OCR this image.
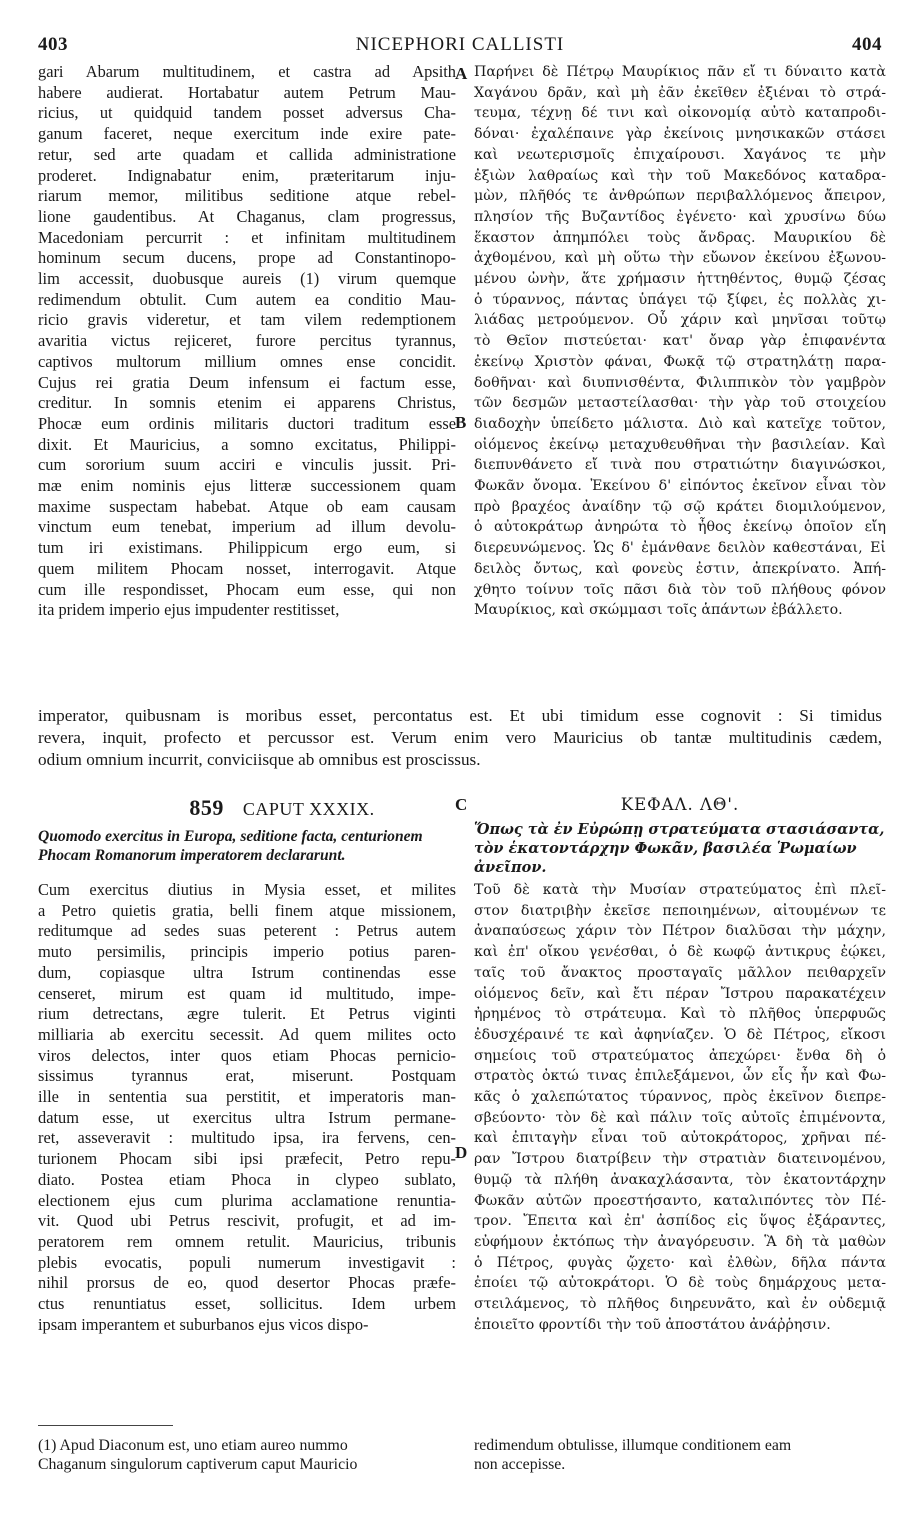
403	NICEPHORI CALLISTI	404
A
B
C
D
gari Abarum multitudinem, et castra ad Apsith
habere audierat. Hortabatur autem Petrum Mau-
ricius, ut quidquid tandem posset adversus Cha-
ganum faceret, neque exercitum inde exire pate-
retur, sed arte quadam et callida administratione
proderet. Indignabatur enim, præteritarum inju-
riarum memor, militibus seditione atque rebel-
lione gaudentibus. At Chaganus, clam progressus,
Macedoniam percurrit : et infinitam multitudinem
hominum secum ducens, prope ad Constantinopo-
lim accessit, duobusque aureis (1) virum quemque
redimendum obtulit. Cum autem ea conditio Mau-
ricio gravis videretur, et tam vilem redemptionem
avaritia victus rejiceret, furore percitus tyrannus,
captivos multorum millium omnes ense concidit.
Cujus rei gratia Deum infensum ei factum esse,
creditur. In somnis etenim ei apparens Christus,
Phocæ eum ordinis militaris ductori traditum esse
dixit. Et Mauricius, a somno excitatus, Philippi-
cum sororium suum acciri e vinculis jussit. Pri-
mæ enim nominis ejus litteræ successionem quam
maxime suspectam habebat. Atque ob eam causam
vinctum eum tenebat, imperium ad illum devolu-
tum iri existimans. Philippicum ergo eum, si
quem militem Phocam nosset, interrogavit. Atque
cum ille respondisset, Phocam eum esse, qui non
ita pridem imperio ejus impudenter restitisset,
Παρήνει δὲ Πέτρῳ Μαυρίκιος πᾶν εἴ τι δύναιτο κατὰ
Χαγάνου δρᾶν, καὶ μὴ ἐᾶν ἐκεῖθεν ἐξιέναι τὸ στρά-
τευμα, τέχνῃ δέ τινι καὶ οἰκονομίᾳ αὐτὸ καταπροδι-
δόναι· ἐχαλέπαινε γὰρ ἐκείνοις μνησικακῶν στάσει
καὶ νεωτερισμοῖς ἐπιχαίρουσι. Χαγάνος τε μὴν
ἐξιὼν λαθραίως καὶ τὴν τοῦ Μακεδόνος καταδρα-
μὼν, πλῆθός τε ἀνθρώπων περιβαλλόμενος ἄπειρον,
πλησίον τῆς Βυζαντίδος ἐγένετο· καὶ χρυσίνω δύω
ἕκαστον ἀπημπόλει τοὺς ἄνδρας. Μαυρικίου δὲ
ἀχθομένου, καὶ μὴ οὕτω τὴν εὔωνον ἐκείνου ἐξωνου-
μένου ὠνὴν, ἅτε χρήμασιν ἡττηθέντος, θυμῷ ζέσας
ὁ τύραννος, πάντας ὑπάγει τῷ ξίφει, ἐς πολλὰς χι-
λιάδας μετρούμενον. Οὗ χάριν καὶ μηνῖσαι τοῦτῳ
τὸ Θεῖον πιστεύεται· κατ' ὄναρ γὰρ ἐπιφανέντα
ἐκείνῳ Χριστὸν φάναι, Φωκᾷ τῷ στρατηλάτῃ παρα-
δοθῆναι· καὶ διυπνισθέντα, Φιλιππικὸν τὸν γαμβρὸν
τῶν δεσμῶν μεταστείλασθαι· τὴν γὰρ τοῦ στοιχείου
διαδοχὴν ὑπείδετο μάλιστα. Διὸ καὶ κατεῖχε τοῦτον,
οἰόμενος ἐκείνῳ μεταχυθευθῆναι τὴν βασιλείαν. Καὶ
διεπυνθάνετο εἴ τινὰ που στρατιώτην διαγινώσκοι,
Φωκᾶν ὄνομα. Ἐκείνου δ' εἰπόντος ἐκεῖνον εἶναι τὸν
πρὸ βραχέος ἀναίδην τῷ σῷ κράτει διομιλούμενον,
ὁ αὐτοκράτωρ ἀνηρώτα τὸ ἦθος ἐκείνῳ ὁποῖον εἴη
διερευνώμενος. Ὡς δ' ἐμάνθανε δειλὸν καθεστάναι, Εἰ
δειλὸς ὄντως, καὶ φονεὺς ἐστιν, ἀπεκρίνατο. Ἀπή-
χθητο τοίνυν τοῖς πᾶσι διὰ τὸν τοῦ πλήθους φόνον
Μαυρίκιος, καὶ σκώμμασι τοῖς ἁπάντων ἐβάλλετο.
imperator, quibusnam is moribus esset, percontatus est. Et ubi timidum esse cognovit : Si timidus
revera, inquit, profecto et percussor est. Verum enim vero Mauricius ob tantæ multitudinis cædem,
odium omnium incurrit, conviciisque ab omnibus est proscissus.
859 CAPUT XXXIX.
Quomodo exercitus in Europa, seditione facta, centurionem Phocam Romanorum imperatorem declararunt.
ΚΕΦΑΛ. ΛΘ'.
Ὅπως τὰ ἐν Εὐρώπῃ στρατεύματα στασιάσαντα, τὸν ἑκατοντάρχην Φωκᾶν, βασιλέα Ῥωμαίων ἀνεῖπον.
Cum exercitus diutius in Mysia esset, et milites
a Petro quietis gratia, belli finem atque missionem,
reditumque ad sedes suas peterent : Petrus autem
muto persimilis, principis imperio potius paren-
dum, copiasque ultra Istrum continendas esse
censeret, mirum est quam id multitudo, impe-
rium detrectans, ægre tulerit. Et Petrus viginti
milliaria ab exercitu secessit. Ad quem milites octo
viros delectos, inter quos etiam Phocas pernicio-
sissimus tyrannus erat, miserunt. Postquam
ille in sententia sua perstitit, et imperatoris man-
datum esse, ut exercitus ultra Istrum permane-
ret, asseveravit : multitudo ipsa, ira fervens, cen-
turionem Phocam sibi ipsi præfecit, Petro repu-
diato. Postea etiam Phoca in clypeo sublato,
electionem ejus cum plurima acclamatione renuntia-
vit. Quod ubi Petrus rescivit, profugit, et ad im-
peratorem rem omnem retulit. Mauricius, tribunis
plebis evocatis, populi numerum investigavit :
nihil prorsus de eo, quod desertor Phocas præfe-
ctus renuntiatus esset, sollicitus. Idem urbem
ipsam imperantem et suburbanos ejus vicos dispo-
Τοῦ δὲ κατὰ τὴν Μυσίαν στρατεύματος ἐπὶ πλεῖ-
στον διατριβὴν ἐκεῖσε πεποιημένων, αἰτουμένων τε
ἀναπαύσεως χάριν τὸν Πέτρον διαλῦσαι τὴν μάχην,
καὶ ἐπ' οἴκου γενέσθαι, ὁ δὲ κωφῷ ἀντικρυς ἐῴκει,
ταῖς τοῦ ἄνακτος προσταγαῖς μᾶλλον πειθαρχεῖν
οἰόμενος δεῖν, καὶ ἔτι πέραν Ἴστρου παρακατέχειν
ἠρημένος τὸ στράτευμα. Καὶ τὸ πλῆθος ὑπερφυῶς
ἐδυσχέραινέ τε καὶ ἀφηνίαζεν. Ὁ δὲ Πέτρος, εἴκοσι
σημείοις τοῦ στρατεύματος ἀπεχώρει· ἔνθα δὴ ὁ
στρατὸς ὀκτώ τινας ἐπιλεξάμενοι, ὧν εἷς ἦν καὶ Φω-
κᾶς ὁ χαλεπώτατος τύραννος, πρὸς ἐκεῖνον διεπρε-
σβεύοντο· τὸν δὲ καὶ πάλιν τοῖς αὐτοῖς ἐπιμένοντα,
καὶ ἐπιταγὴν εἶναι τοῦ αὐτοκράτορος, χρῆναι πέ-
ραν Ἴστρου διατρίβειν τὴν στρατιὰν διατεινομένου,
θυμῷ τὰ πλήθη ἀνακαχλάσαντα, τὸν ἑκατοντάρχην
Φωκᾶν αὐτῶν προεστήσαντο, καταλιπόντες τὸν Πέ-
τρον. Ἔπειτα καὶ ἐπ' ἀσπίδος εἰς ὕψος ἐξάραντες,
εὐφήμουν ἐκτόπως τὴν ἀναγόρευσιν. Ἃ δὴ τὰ μαθὼν
ὁ Πέτρος, φυγὰς ᾤχετο· καὶ ἐλθὼν, δῆλα πάντα
ἐποίει τῷ αὐτοκράτορι. Ὁ δὲ τοὺς δημάρχους μετα-
στειλάμενος, τὸ πλῆθος διηρευνᾶτο, καὶ ἐν οὐδεμιᾷ
ἐποιεῖτο φροντίδι τὴν τοῦ ἀποστάτου ἀνάῤῥησιν.
(1) Apud Diaconum est, uno etiam aureo nummo
Chaganum singulorum captiverum caput Mauricio
redimendum obtulisse, illumque conditionem eam
non accepisse.
